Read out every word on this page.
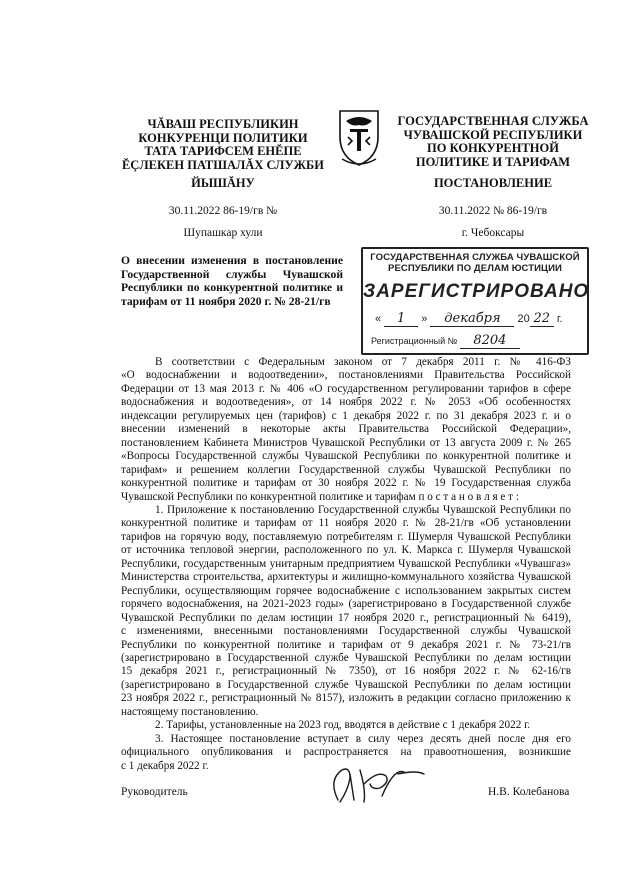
ЧĂВАШ РЕСПУБЛИКИН
КОНКУРЕНЦИ ПОЛИТИКИ
ТАТА ТАРИФСЕМ ЕНĔПЕ
ĔÇЛЕКЕН ПАТШАЛĂХ СЛУЖБИ
ГОСУДАРСТВЕННАЯ СЛУЖБА
ЧУВАШСКОЙ РЕСПУБЛИКИ
ПО КОНКУРЕНТНОЙ
ПОЛИТИКЕ И ТАРИФАМ
ЙЫШĂНУ	ПОСТАНОВЛЕНИЕ
30.11.2022 86-19/гв №	30.11.2022 № 86-19/гв
Шупашкар хули	г. Чебоксары
О внесении изменения в постановление
Государственной службы Чувашской
Республики по конкурентной политике и
тарифам от 11 ноября 2020 г. № 28-21/гв
ГОСУДАРСТВЕННАЯ СЛУЖБА ЧУВАШСКОЙ
РЕСПУБЛИКИ ПО ДЕЛАМ ЮСТИЦИИ
ЗАРЕГИСТРИРОВАНО
« 1 » декабря 20 22 г.
Регистрационный № 8204
В соответствии с Федеральным законом от 7 декабря 2011 г. № 416-ФЗ
«О водоснабжении и водоотведении», постановлениями Правительства Российской
Федерации от 13 мая 2013 г. № 406 «О государственном регулировании тарифов в сфере
водоснабжения и водоотведения», от 14 ноября 2022 г. № 2053 «Об особенностях
индексации регулируемых цен (тарифов) с 1 декабря 2022 г. по 31 декабря 2023 г. и о
внесении изменений в некоторые акты Правительства Российской Федерации»,
постановлением Кабинета Министров Чувашской Республики от 13 августа 2009 г. № 265
«Вопросы Государственной службы Чувашской Республики по конкурентной политике и
тарифам» и решением коллегии Государственной службы Чувашской Республики по
конкурентной политике и тарифам от 30 ноября 2022 г. № 19 Государственная служба
Чувашской Республики по конкурентной политике и тарифам п о с т а н о в л я е т :
1. Приложение к постановлению Государственной службы Чувашской Республики по
конкурентной политике и тарифам от 11 ноября 2020 г. № 28-21/гв «Об установлении
тарифов на горячую воду, поставляемую потребителям г. Шумерля Чувашской Республики
от источника тепловой энергии, расположенного по ул. К. Маркса г. Шумерля Чувашской
Республики, государственным унитарным предприятием Чувашской Республики «Чувашгаз»
Министерства строительства, архитектуры и жилищно-коммунального хозяйства Чувашской
Республики, осуществляющим горячее водоснабжение с использованием закрытых систем
горячего водоснабжения, на 2021-2023 годы» (зарегистрировано в Государственной службе
Чувашской Республики по делам юстиции 17 ноября 2020 г., регистрационный № 6419),
с изменениями, внесенными постановлениями Государственной службы Чувашской
Республики по конкурентной политике и тарифам от 9 декабря 2021 г. № 73-21/гв
(зарегистрировано в Государственной службе Чувашской Республики по делам юстиции
15 декабря 2021 г., регистрационный № 7350), от 16 ноября 2022 г. № 62-16/гв
(зарегистрировано в Государственной службе Чувашской Республики по делам юстиции
23 ноября 2022 г., регистрационный № 8157), изложить в редакции согласно приложению к
настоящему постановлению.
2. Тарифы, установленные на 2023 год, вводятся в действие с 1 декабря 2022 г.
3. Настоящее постановление вступает в силу через десять дней после дня его
официального опубликования и распространяется на правоотношения, возникшие
с 1 декабря 2022 г.
Руководитель	Н.В. Колебанова
